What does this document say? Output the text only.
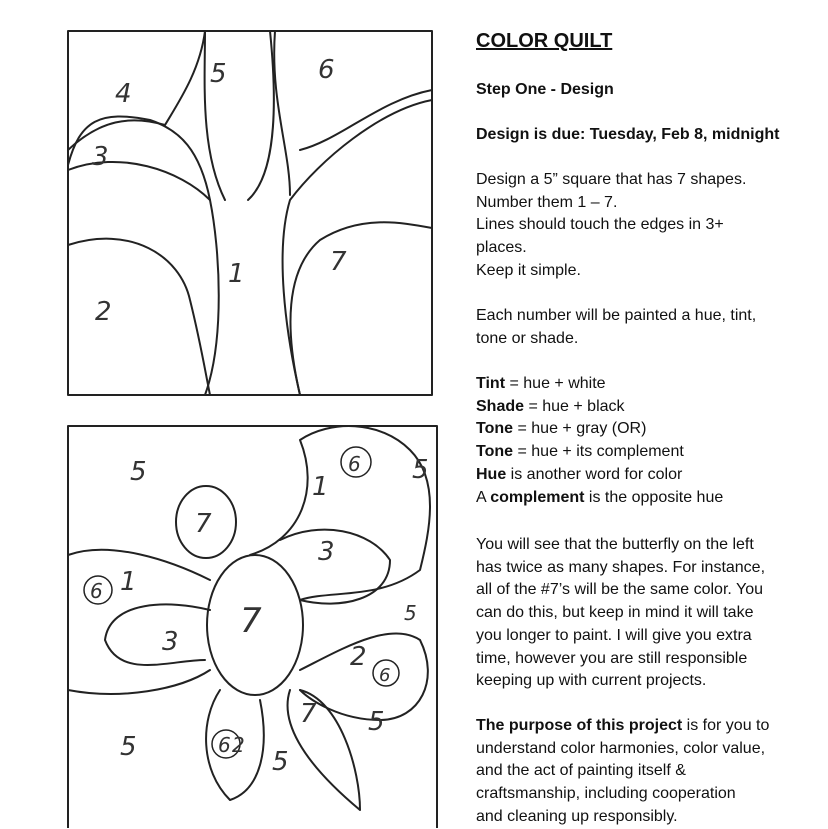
4
5	6
3
1	7
2
5
7
1
6 5
3
6 1
7
3	2
6
7
5	6 2
5
5
5
COLOR QUILT
Step One - Design
Design is due: Tuesday, Feb 8, midnight
Design a 5” square that has 7 shapes.
Number them 1 – 7.
Lines should touch the edges in 3+
places.
Keep it simple.
Each number will be painted a hue, tint,
tone or shade.
Tint = hue + white
Shade = hue + black
Tone = hue + gray (OR)
Tone = hue + its complement
Hue is another word for color
A complement is the opposite hue
You will see that the butterfly on the left
has twice as many shapes. For instance,
all of the #7’s will be the same color. You
can do this, but keep in mind it will take
you longer to paint. I will give you extra
time, however you are still responsible
keeping up with current projects.
The purpose of this project is for you to
understand color harmonies, color value,
and the act of painting itself &
craftsmanship, including cooperation
and cleaning up responsibly.
